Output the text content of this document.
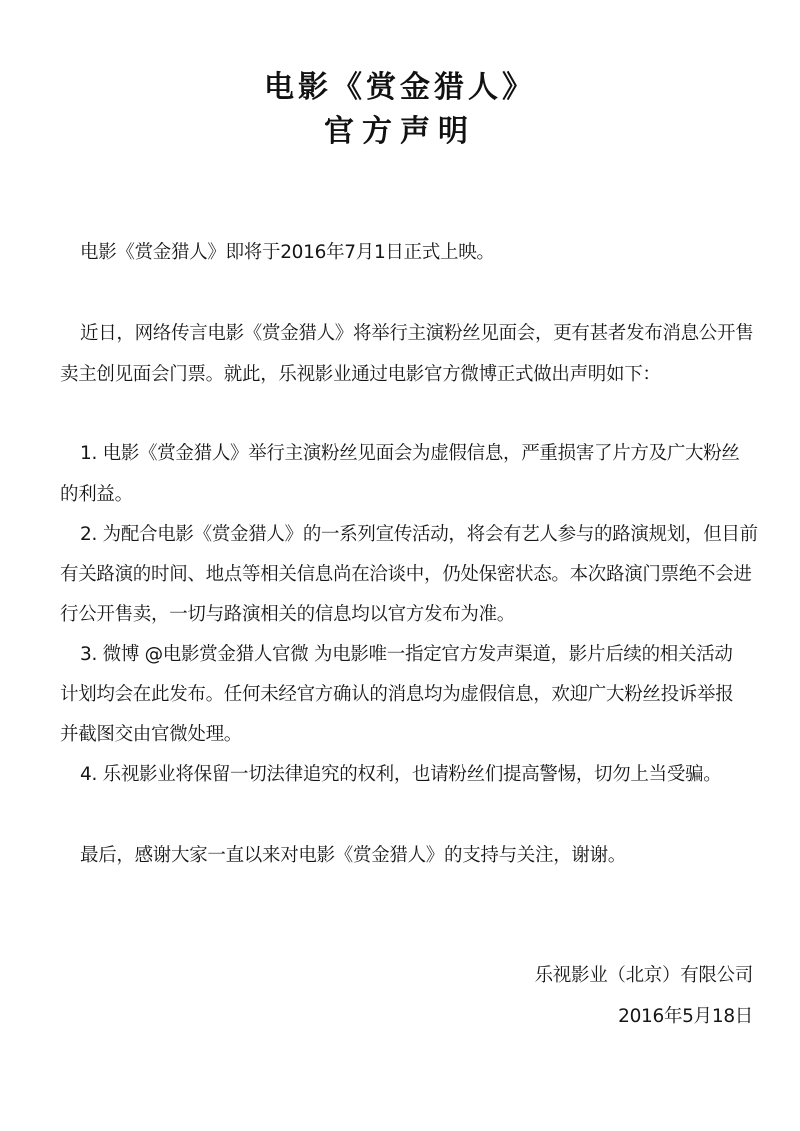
电影《赏金猎人》
官方声明
电影《赏金猎人》即将于2016年7月1日正式上映。
近日，网络传言电影《赏金猎人》将举行主演粉丝见面会，更有甚者发布消息公开售
卖主创见面会门票。就此，乐视影业通过电影官方微博正式做出声明如下：
1. 电影《赏金猎人》举行主演粉丝见面会为虚假信息，严重损害了片方及广大粉丝
的利益。
2. 为配合电影《赏金猎人》的一系列宣传活动，将会有艺人参与的路演规划，但目前
有关路演的时间、地点等相关信息尚在洽谈中，仍处保密状态。本次路演门票绝不会进
行公开售卖，一切与路演相关的信息均以官方发布为准。
3. 微博 @电影赏金猎人官微 为电影唯一指定官方发声渠道，影片后续的相关活动
计划均会在此发布。任何未经官方确认的消息均为虚假信息，欢迎广大粉丝投诉举报
并截图交由官微处理。
4. 乐视影业将保留一切法律追究的权利，也请粉丝们提高警惕，切勿上当受骗。
最后，感谢大家一直以来对电影《赏金猎人》的支持与关注，谢谢。
乐视影业（北京）有限公司
2016年5月18日
